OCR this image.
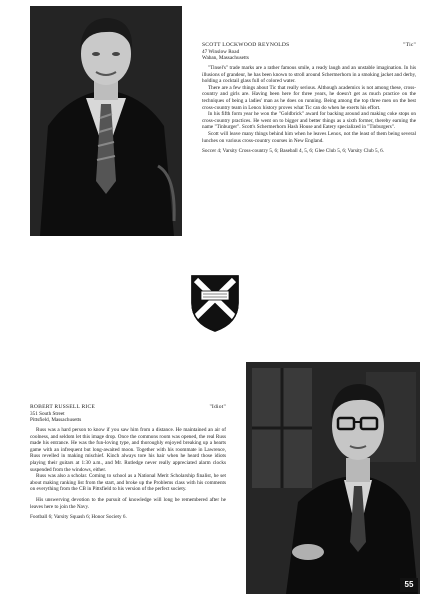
SCOTT LOCKWOOD REYNOLDS	"Tic"
47 Winslow Road
Waban, Massachusetts

"Tinsel's" trade marks are a rather famous smile, a ready laugh and an unstable imagination. In his illusions of grandeur, he has been known to stroll around Schermerhorn in a smoking jacket and derby, holding a cocktail glass full of colored water.

There are a few things about Tic that really serious. Although academics is not among these, cross-country and girls are. Having been here for three years, he doesn't get as much practice on the techniques of being a ladies' man as he does on running. Being among the top three men on the best cross-country team in Lenox history proves what Tic can do when he exerts his effort.

In his fifth form year he won the "Goldbrick" award for backing around and making coke stops on cross-country practices. He went on to bigger and better things as a sixth former, thereby earning the name "Tinburger". Scott's Schermerhorn Hash House and Eatery specialized in "Tinburgers".

Scott will leave many things behind him when he leaves Lenox, not the least of them being several lunches on various cross-country courses in New England.

Soccer 4; Varsity Cross-country 5, 6; Baseball 4, 5, 6; Glee Club 5, 6; Varsity Club 5, 6.
ROBERT RUSSELL RICE	"Idiot"
351 South Street
Pittsfield, Massachusetts

Russ was a hard person to know if you saw him from a distance. He maintained an air of coolness, and seldom let this image drop. Once the commons room was opened, the real Russ made his entrance. He was the fun-loving type, and thoroughly enjoyed breaking up a hearts game with an infrequent but long-awaited moon. Together with his roommate in Lawrence, Russ revelled in making mischief. Kinch always tore his hair when he heard those idiots playing their guitars at 1:30 a.m., and Mr. Rutledge never really appreciated alarm clocks suspended from the windows, either.

Russ was also a scholar. Coming to school as a National Merit Scholarship finalist, he set about making ranking list from the start, and broke up the Problems class with his comments on everything from the CB in Pittsfield to his version of the perfect society.

His unswerving devotion to the pursuit of knowledge will long be remembered after he leaves here to join the Navy.

Football 6; Varsity Squash 6; Honor Society 6.
55
